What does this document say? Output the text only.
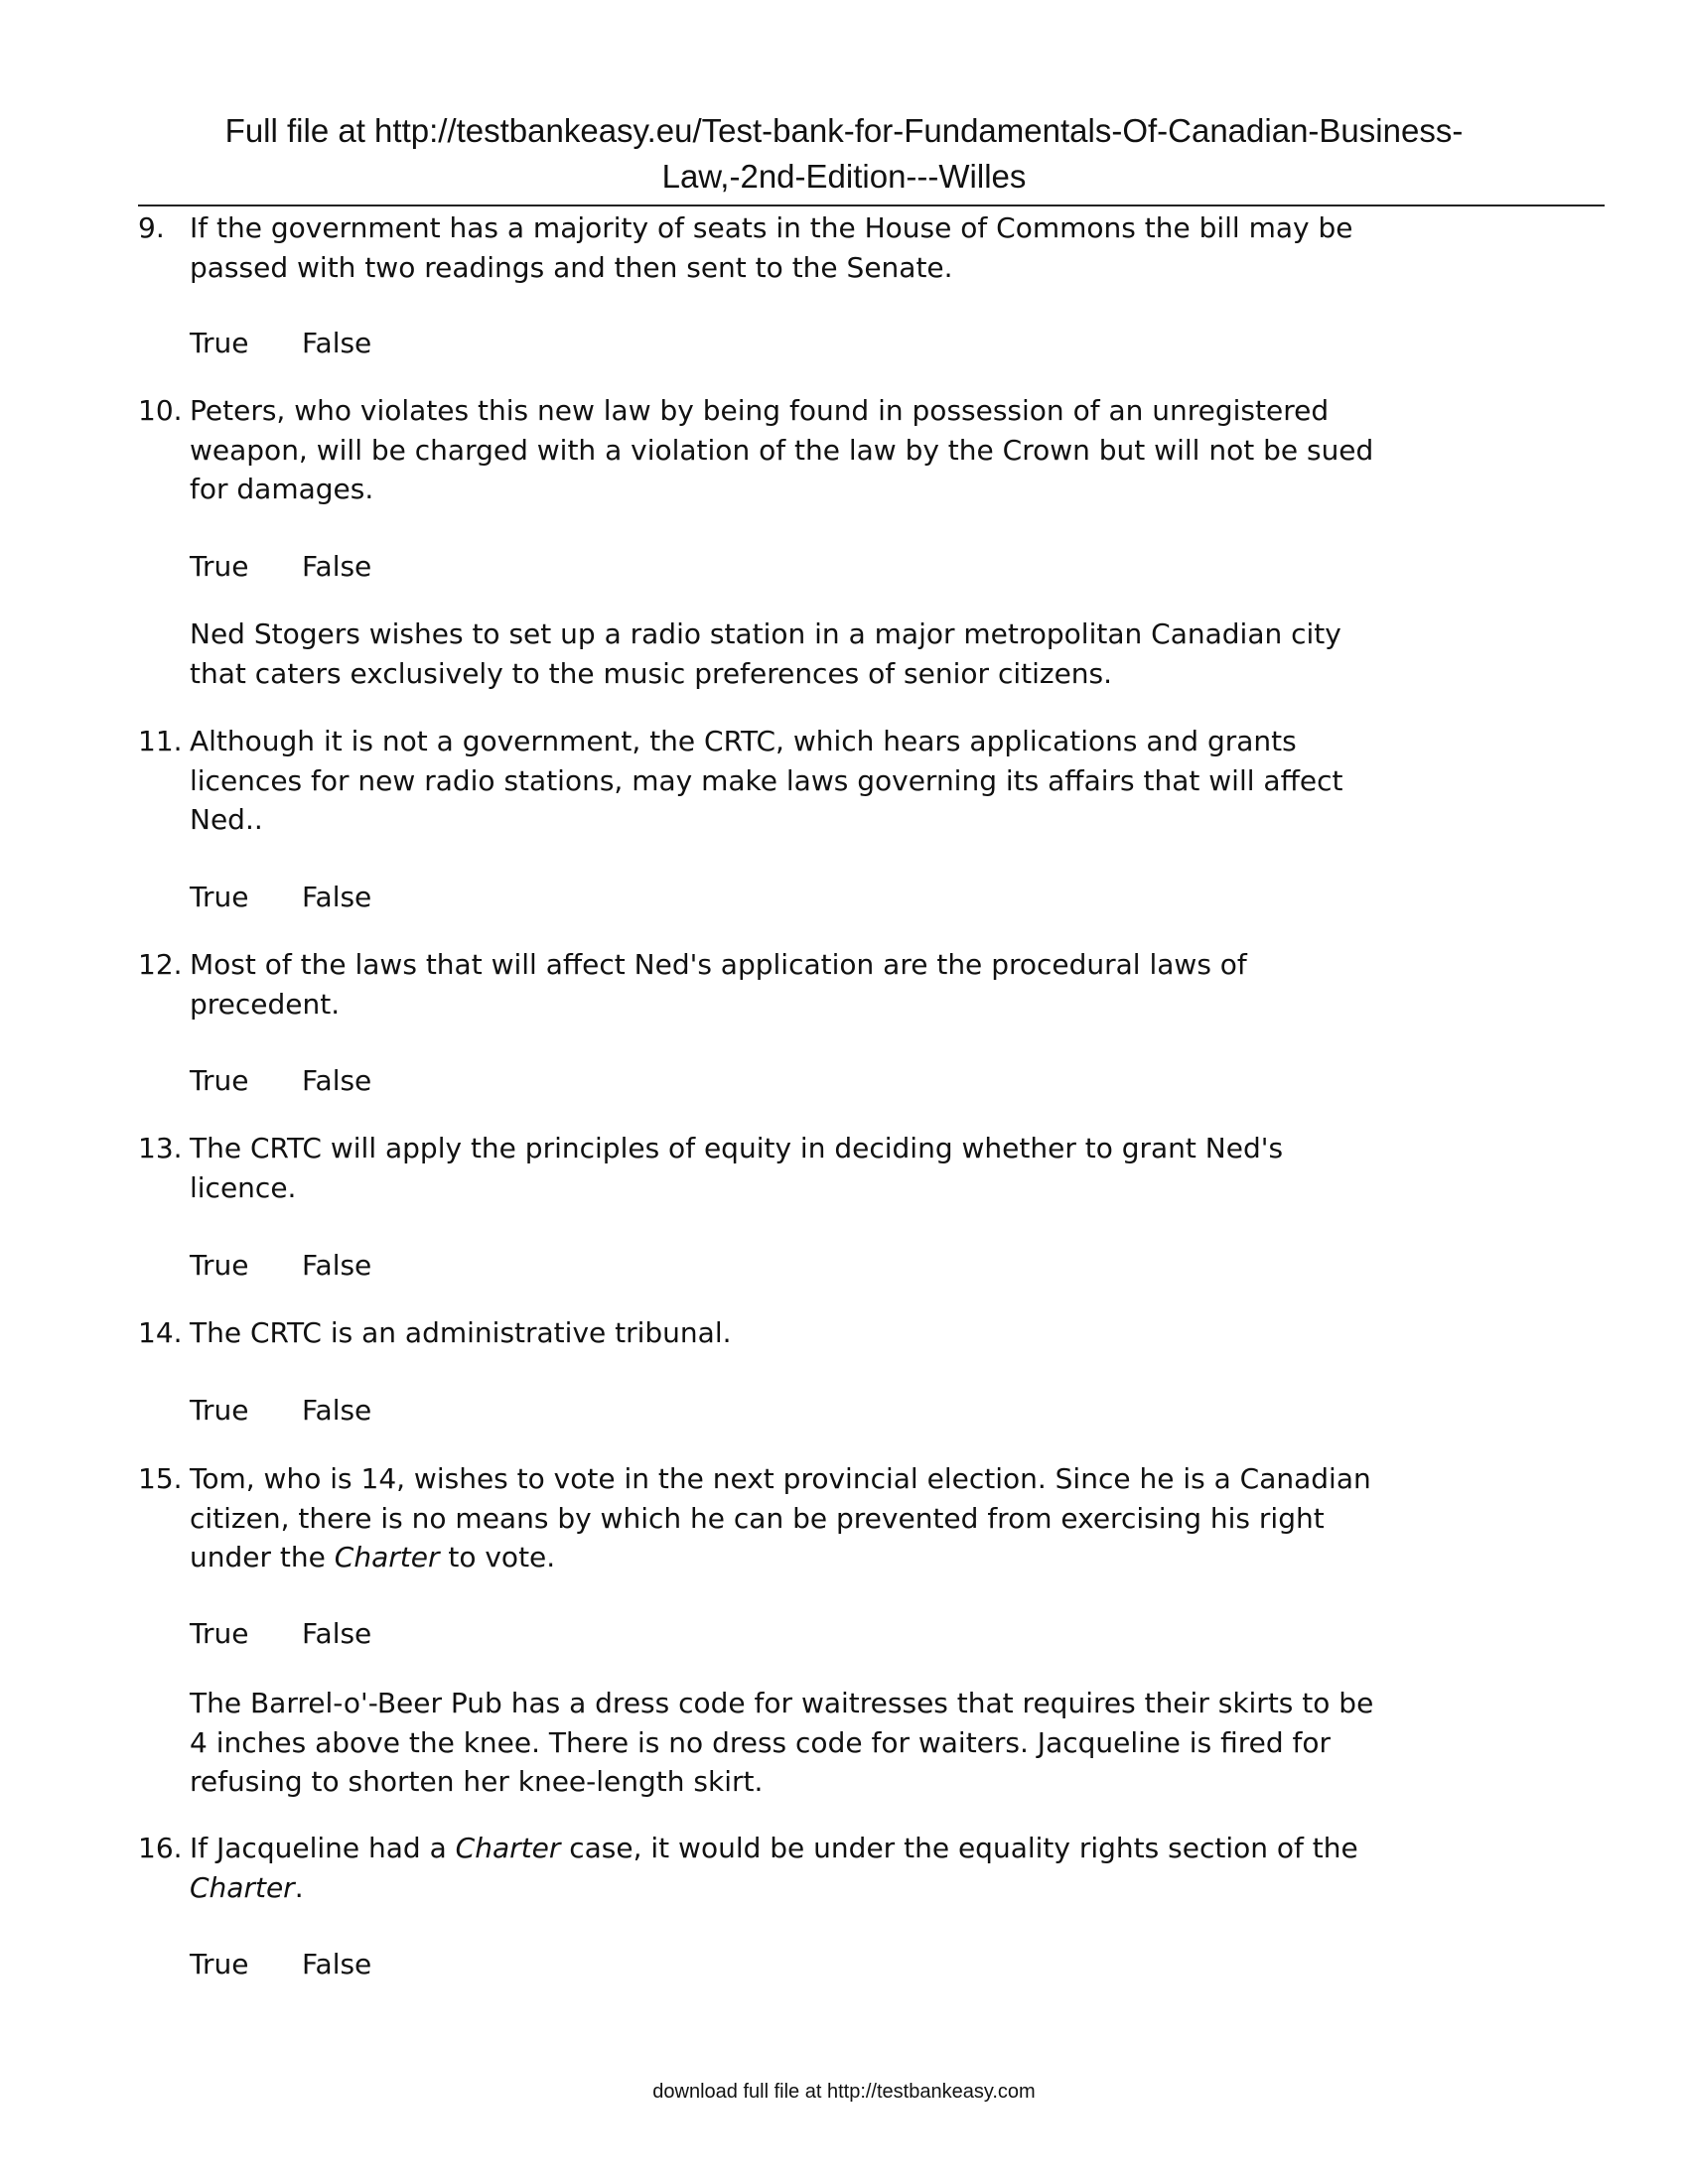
Full file at http://testbankeasy.eu/Test-bank-for-Fundamentals-Of-Canadian-Business-
Law,-2nd-Edition---Willes
9. If the government has a majority of seats in the House of Commons the bill may be
passed with two readings and then sent to the Senate.
True False
10. Peters, who violates this new law by being found in possession of an unregistered
weapon, will be charged with a violation of the law by the Crown but will not be sued
for damages.
True False
Ned Stogers wishes to set up a radio station in a major metropolitan Canadian city
that caters exclusively to the music preferences of senior citizens.
11. Although it is not a government, the CRTC, which hears applications and grants
licences for new radio stations, may make laws governing its affairs that will affect
Ned..
True False
12. Most of the laws that will affect Ned's application are the procedural laws of
precedent.
True False
13. The CRTC will apply the principles of equity in deciding whether to grant Ned's
licence.
True False
14. The CRTC is an administrative tribunal.
True False
15. Tom, who is 14, wishes to vote in the next provincial election. Since he is a Canadian
citizen, there is no means by which he can be prevented from exercising his right
under the Charter to vote.
True False
The Barrel-o'-Beer Pub has a dress code for waitresses that requires their skirts to be
4 inches above the knee. There is no dress code for waiters. Jacqueline is fired for
refusing to shorten her knee-length skirt.
16. If Jacqueline had a Charter case, it would be under the equality rights section of the
Charter.
True False
download full file at http://testbankeasy.com
